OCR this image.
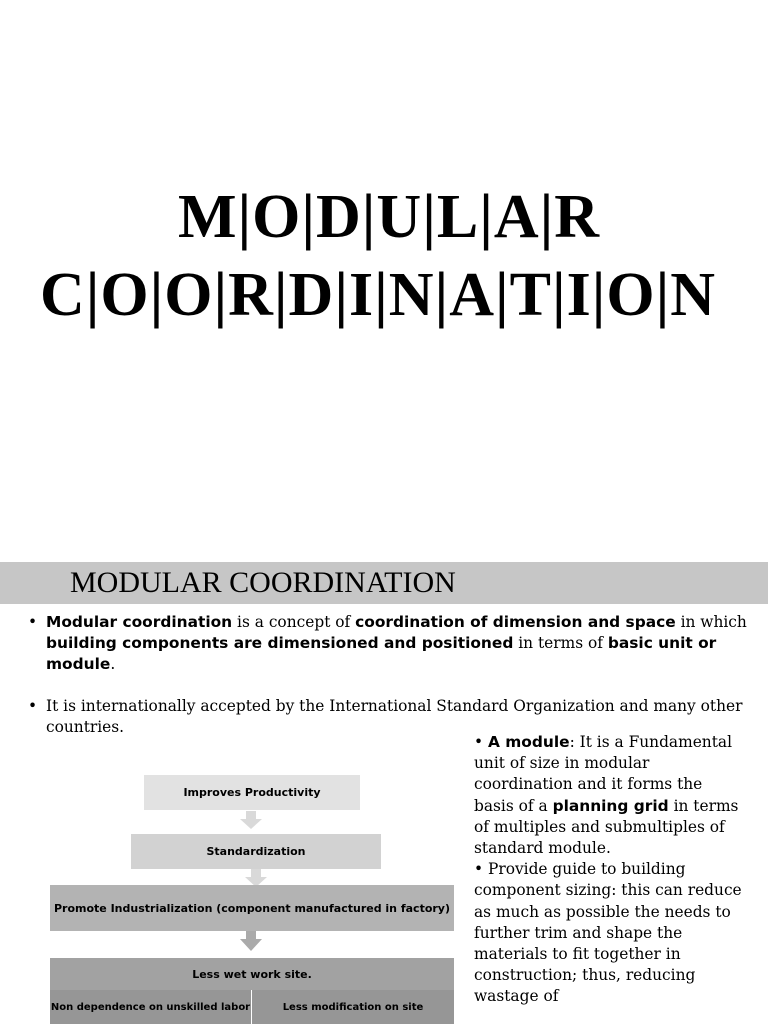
M|O|D|U|L|A|R
C|O|O|R|D|I|N|A|T|I|O|N
MODULAR COORDINATION
• Modular coordination is a concept of coordination of dimension and space in which building components are dimensioned and positioned in terms of basic unit or module.
• It is internationally accepted by the International Standard Organization and many other countries.
• A module: It is a Fundamental unit of size in modular coordination and it forms the basis of a planning grid in terms of multiples and submultiples of standard module.
• Provide guide to building component sizing: this can reduce as much as possible the needs to further trim and shape the materials to fit together in construction; thus, reducing wastage of
Improves Productivity
Standardization
Promote Industrialization (component manufactured in factory)
Less wet work site.
Non dependence on unskilled labor	Less modification on site
